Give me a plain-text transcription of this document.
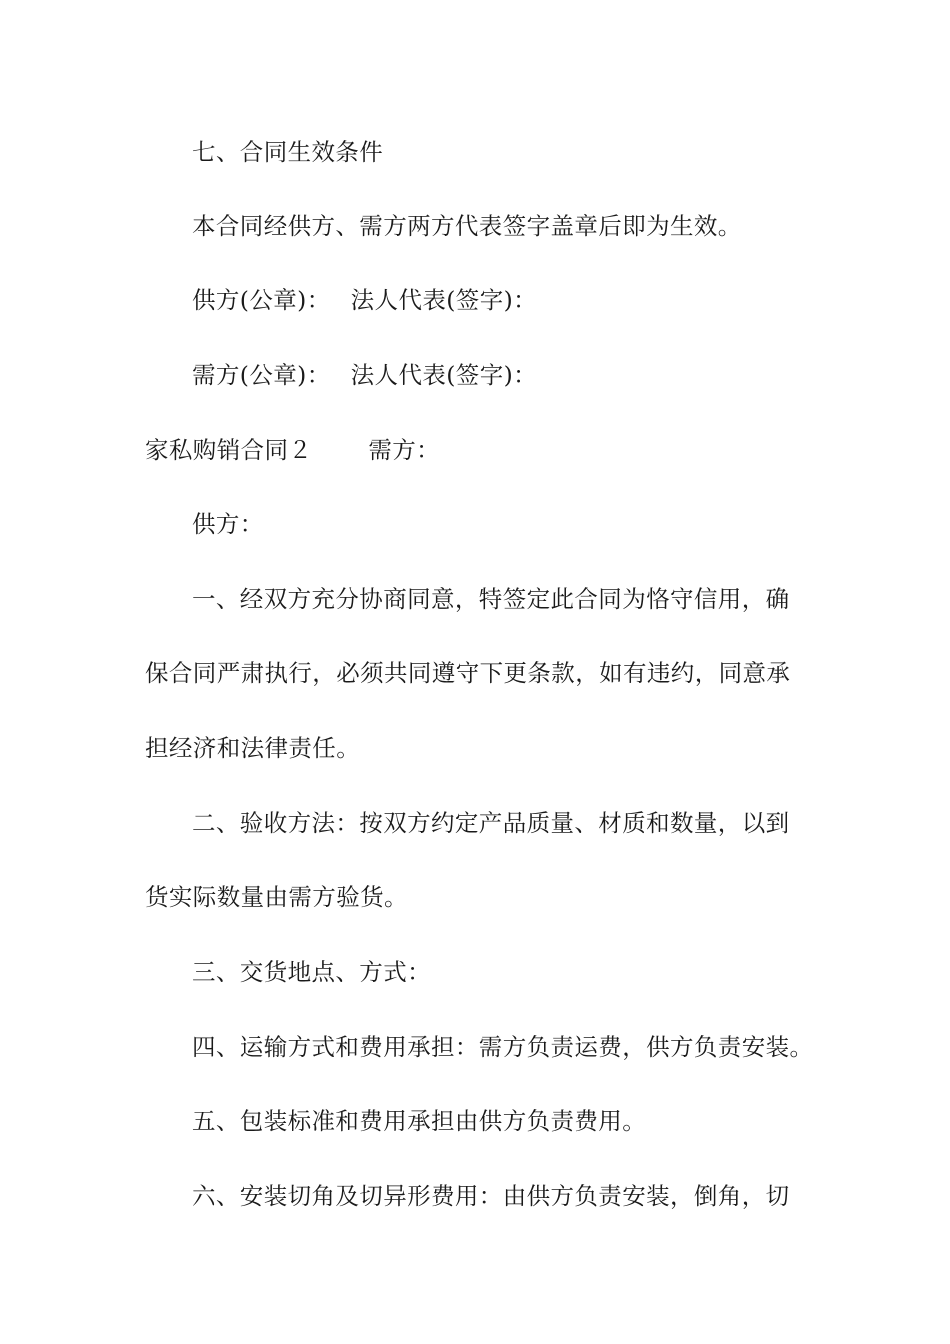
七、合同生效条件
本合同经供方、需方两方代表签字盖章后即为生效。
供方(公章)： 法人代表(签字)：
需方(公章)： 法人代表(签字)：
家私购销合同２ 需方：
供方：
一、经双方充分协商同意，特签定此合同为恪守信用，确
保合同严肃执行，必须共同遵守下更条款，如有违约，同意承
担经济和法律责任。
二、验收方法：按双方约定产品质量、材质和数量，以到
货实际数量由需方验货。
三、交货地点、方式：
四、运输方式和费用承担：需方负责运费，供方负责安装。
五、包装标准和费用承担由供方负责费用。
六、安装切角及切异形费用：由供方负责安装，倒角，切
